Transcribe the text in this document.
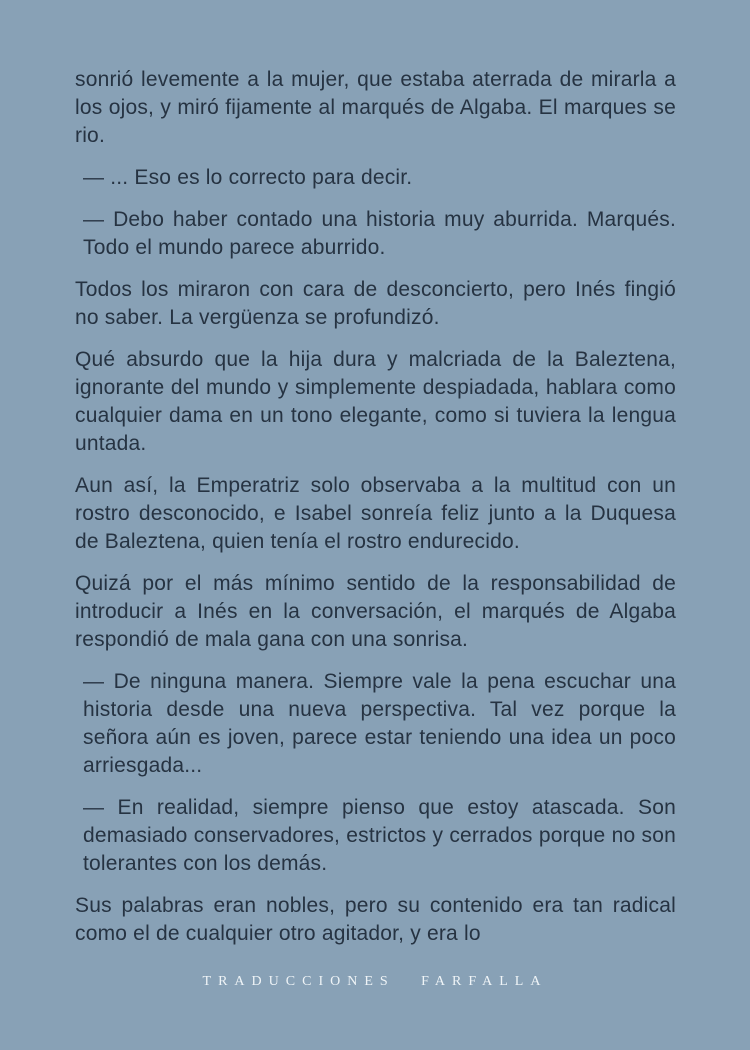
sonrió levemente a la mujer, que estaba aterrada de mirarla a los ojos, y miró fijamente al marqués de Algaba. El marques se rio.

— ... Eso es lo correcto para decir.

— Debo haber contado una historia muy aburrida. Marqués. Todo el mundo parece aburrido.

Todos los miraron con cara de desconcierto, pero Inés fingió no saber. La vergüenza se profundizó.

Qué absurdo que la hija dura y malcriada de la Baleztena, ignorante del mundo y simplemente despiadada, hablara como cualquier dama en un tono elegante, como si tuviera la lengua untada.

Aun así, la Emperatriz solo observaba a la multitud con un rostro desconocido, e Isabel sonreía feliz junto a la Duquesa de Baleztena, quien tenía el rostro endurecido.

Quizá por el más mínimo sentido de la responsabilidad de introducir a Inés en la conversación, el marqués de Algaba respondió de mala gana con una sonrisa.

— De ninguna manera. Siempre vale la pena escuchar una historia desde una nueva perspectiva. Tal vez porque la señora aún es joven, parece estar teniendo una idea un poco arriesgada...

— En realidad, siempre pienso que estoy atascada. Son demasiado conservadores, estrictos y cerrados porque no son tolerantes con los demás.

Sus palabras eran nobles, pero su contenido era tan radical como el de cualquier otro agitador, y era lo

TRADUCCIONES FARFALLA
